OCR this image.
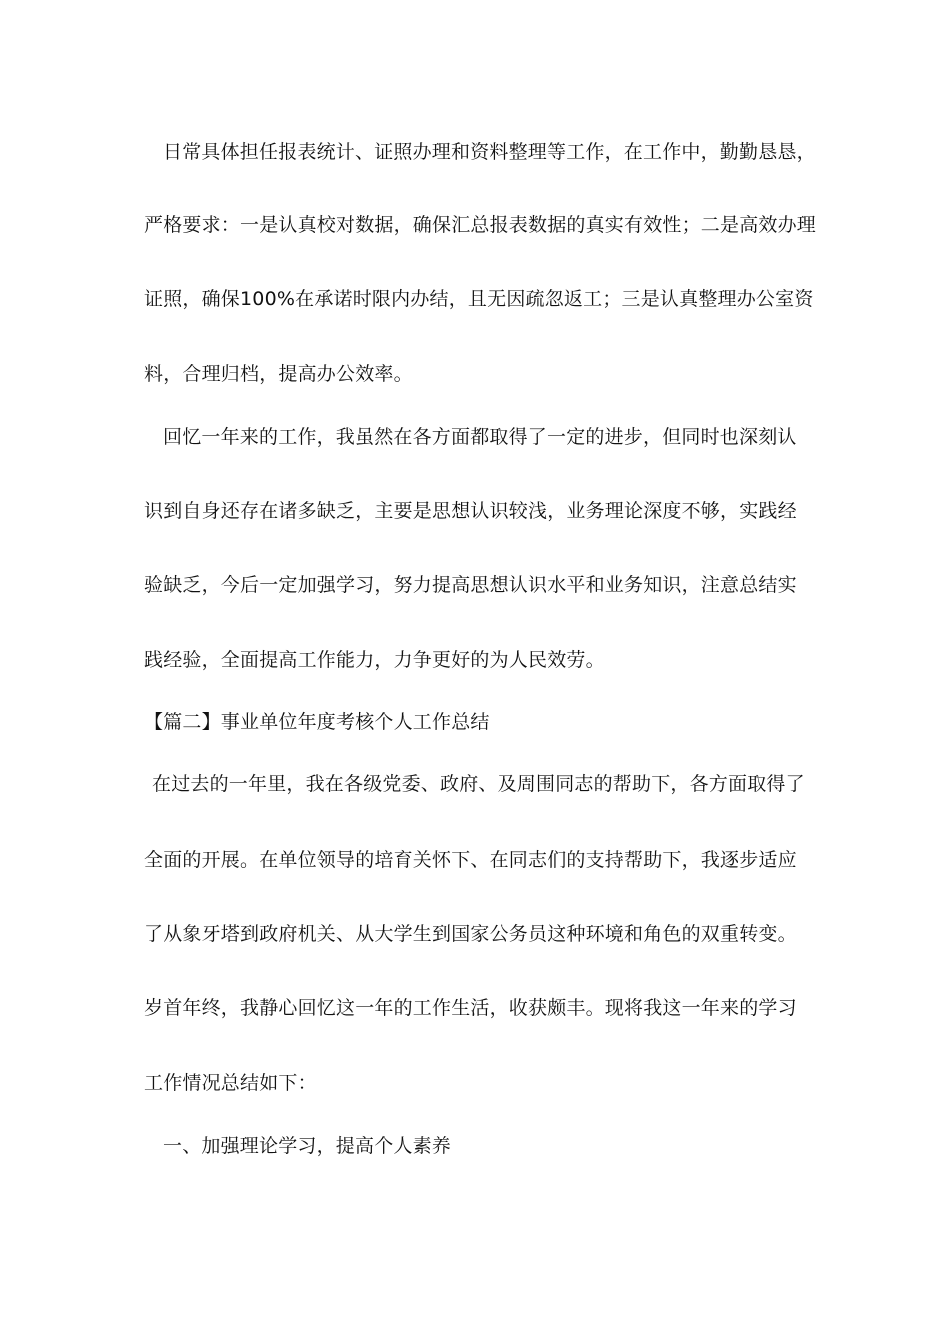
日常具体担任报表统计、证照办理和资料整理等工作，在工作中，勤勤恳恳，
严格要求：一是认真校对数据，确保汇总报表数据的真实有效性；二是高效办理
证照，确保100%在承诺时限内办结，且无因疏忽返工；三是认真整理办公室资
料，合理归档，提高办公效率。
回忆一年来的工作，我虽然在各方面都取得了一定的进步，但同时也深刻认
识到自身还存在诸多缺乏，主要是思想认识较浅，业务理论深度不够，实践经
验缺乏，今后一定加强学习，努力提高思想认识水平和业务知识，注意总结实
践经验，全面提高工作能力，力争更好的为人民效劳。
【篇二】事业单位年度考核个人工作总结
在过去的一年里，我在各级党委、政府、及周围同志的帮助下，各方面取得了
全面的开展。在单位领导的培育关怀下、在同志们的支持帮助下，我逐步适应
了从象牙塔到政府机关、从大学生到国家公务员这种环境和角色的双重转变。
岁首年终，我静心回忆这一年的工作生活，收获颇丰。现将我这一年来的学习
工作情况总结如下：
一、加强理论学习，提高个人素养
